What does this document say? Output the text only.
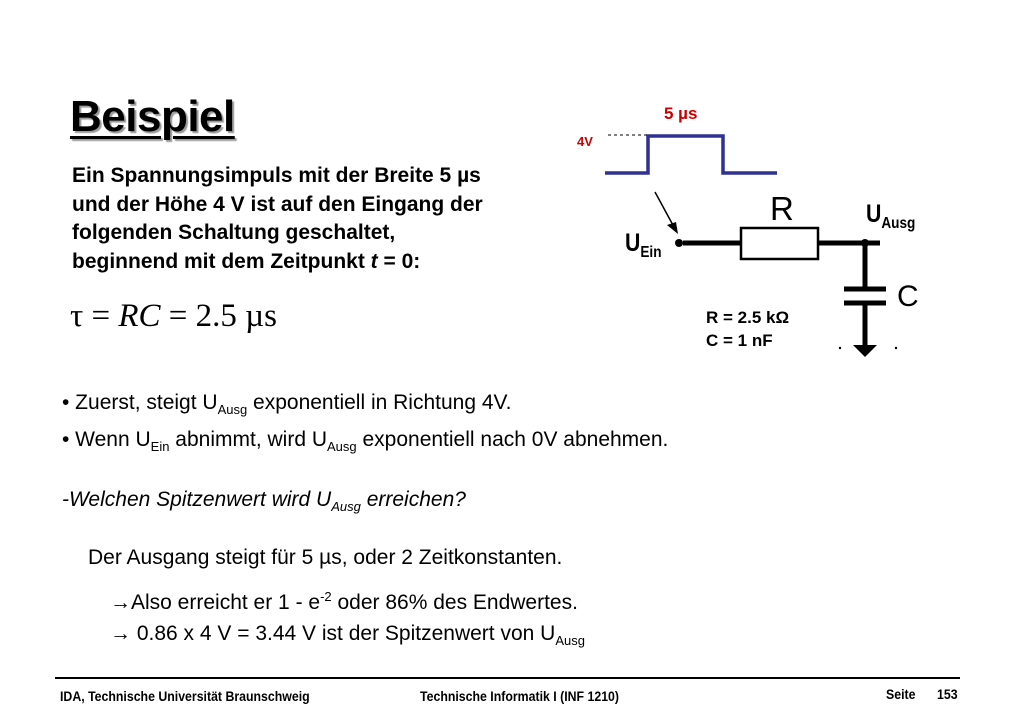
Beispiel
Ein Spannungsimpuls mit der Breite 5 µs
und der Höhe 4 V ist auf den Eingang der
folgenden Schaltung geschaltet,
beginnend mit dem Zeitpunkt t = 0:
τ = RC = 2.5 µs
5 µs
4V
R
C
$U_{Ein}$
$U_{Ausg}$
R = 2.5 kΩ
C = 1 nF
• Zuerst, steigt $U_{Ausg}$ exponentiell in Richtung 4V.
• Wenn $U_{Ein}$ abnimmt, wird $U_{Ausg}$ exponentiell nach 0V abnehmen.
-Welchen Spitzenwert wird $U_{Ausg}$ erreichen?
Der Ausgang steigt für 5 µs, oder 2 Zeitkonstanten.
→Also erreicht er $1 - e^{-2}$ oder 86% des Endwertes.
→ 0.86 x 4 V = 3.44 V ist der Spitzenwert von $U_{Ausg}$
IDA, Technische Universität Braunschweig	Technische Informatik I (INF 1210)	Seite 153
